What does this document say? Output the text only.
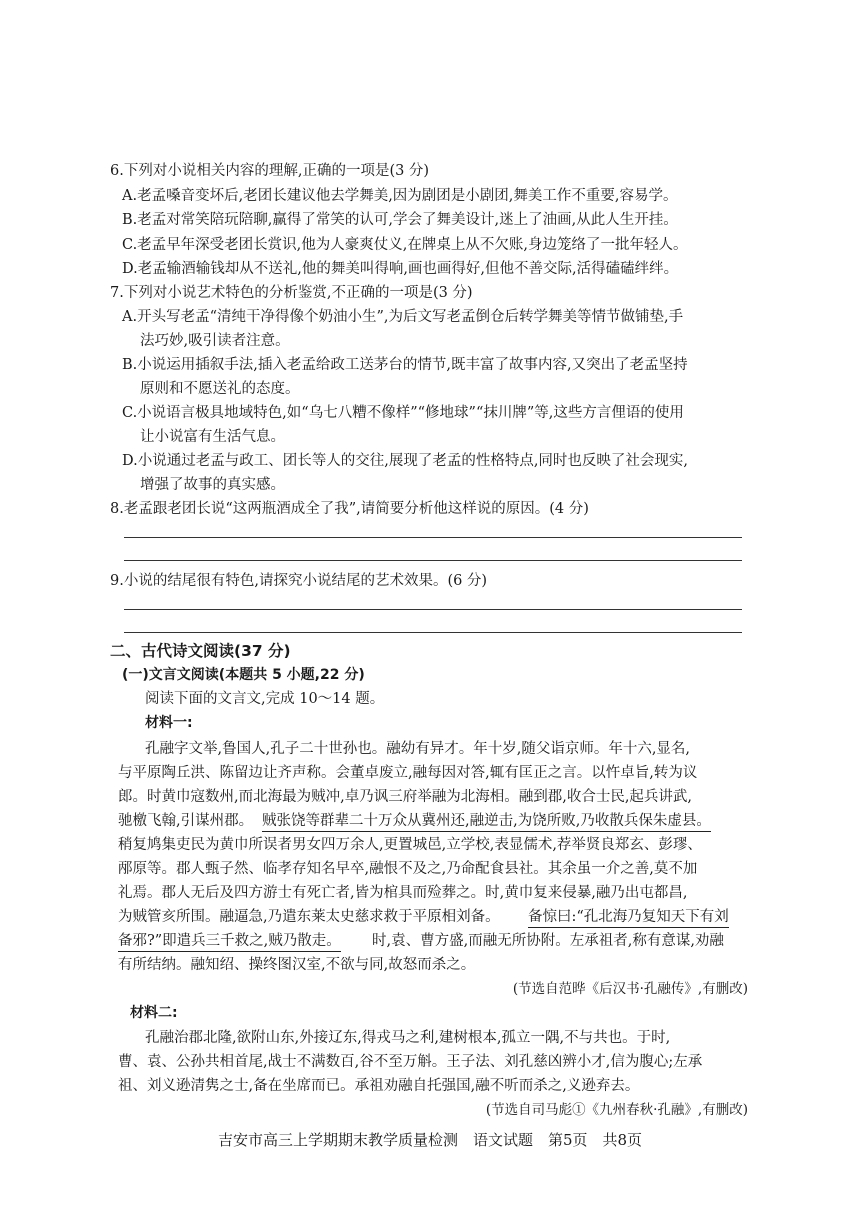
6.下列对小说相关内容的理解,正确的一项是(3 分)
A.老孟嗓音变坏后,老团长建议他去学舞美,因为剧团是小剧团,舞美工作不重要,容易学。
B.老孟对常笑陪玩陪聊,赢得了常笑的认可,学会了舞美设计,迷上了油画,从此人生开挂。
C.老孟早年深受老团长赏识,他为人豪爽仗义,在牌桌上从不欠账,身边笼络了一批年轻人。
D.老孟输酒输钱却从不送礼,他的舞美叫得响,画也画得好,但他不善交际,活得磕磕绊绊。
7.下列对小说艺术特色的分析鉴赏,不正确的一项是(3 分)
A.开头写老孟“清纯干净得像个奶油小生”,为后文写老孟倒仓后转学舞美等情节做铺垫,手
法巧妙,吸引读者注意。
B.小说运用插叙手法,插入老孟给政工送茅台的情节,既丰富了故事内容,又突出了老孟坚持
原则和不愿送礼的态度。
C.小说语言极具地域特色,如“乌七八糟不像样”“修地球”“抹川牌”等,这些方言俚语的使用
让小说富有生活气息。
D.小说通过老孟与政工、团长等人的交往,展现了老孟的性格特点,同时也反映了社会现实,
增强了故事的真实感。
8.老孟跟老团长说“这两瓶酒成全了我”,请简要分析他这样说的原因。(4 分)
9.小说的结尾很有特色,请探究小说结尾的艺术效果。(6 分)
二、古代诗文阅读(37 分)
(一)文言文阅读(本题共 5 小题,22 分)
阅读下面的文言文,完成 10～14 题。
材料一:
孔融字文举,鲁国人,孔子二十世孙也。融幼有异才。年十岁,随父诣京师。年十六,显名,
与平原陶丘洪、陈留边让齐声称。会董卓废立,融每因对答,辄有匡正之言。以忤卓旨,转为议
郎。时黄巾寇数州,而北海最为贼冲,卓乃讽三府举融为北海相。融到郡,收合士民,起兵讲武,
驰檄飞翰,引谋州郡。 贼张饶等群辈二十万众从冀州还,融逆击,为饶所败,乃收散兵保朱虚县。
稍复鸠集吏民为黄巾所误者男女四万余人,更置城邑,立学校,表显儒术,荐举贤良郑玄、彭璆、
邴原等。郡人甄子然、临孝存知名早卒,融恨不及之,乃命配食县社。其余虽一介之善,莫不加
礼焉。郡人无后及四方游士有死亡者,皆为棺具而殓葬之。时,黄巾复来侵暴,融乃出屯都昌,
为贼管亥所围。融逼急,乃遣东莱太史慈求救于平原相刘备。 备惊曰:“孔北海乃复知天下有刘
备邪?”即遣兵三千救之,贼乃散走。 时,袁、曹方盛,而融无所协附。左承祖者,称有意谋,劝融
有所结纳。融知绍、操终图汉室,不欲与同,故怒而杀之。
(节选自范晔《后汉书·孔融传》,有删改)
材料二:
孔融治郡北隆,欲附山东,外接辽东,得戎马之利,建树根本,孤立一隅,不与共也。于时,
曹、袁、公孙共相首尾,战士不满数百,谷不至万斛。王子法、刘孔慈凶辨小才,信为腹心;左承
祖、刘义逊清隽之士,备在坐席而已。承祖劝融自托强国,融不听而杀之,义逊弃去。
(节选自司马彪①《九州春秋·孔融》,有删改)
吉安市高三上学期期末教学质量检测　语文试题　第5页　共8页
